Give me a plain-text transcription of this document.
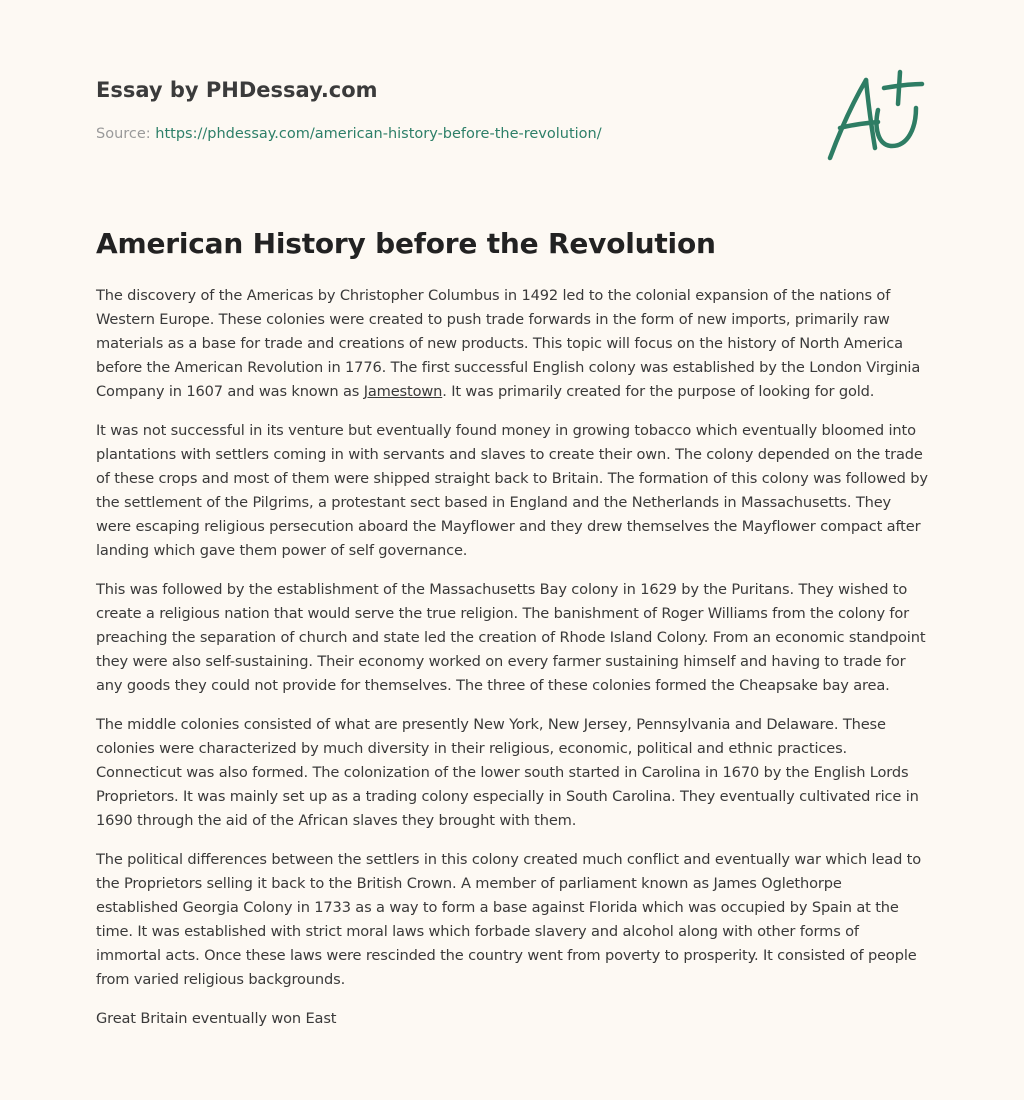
Essay by PHDessay.com
Source: https://phdessay.com/american-history-before-the-revolution/
American History before the Revolution

The discovery of the Americas by Christopher Columbus in 1492 led to the colonial expansion of the nations of Western Europe. These colonies were created to push trade forwards in the form of new imports, primarily raw materials as a base for trade and creations of new products. This topic will focus on the history of North America before the American Revolution in 1776. The first successful English colony was established by the London Virginia Company in 1607 and was known as Jamestown. It was primarily created for the purpose of looking for gold.

It was not successful in its venture but eventually found money in growing tobacco which eventually bloomed into plantations with settlers coming in with servants and slaves to create their own. The colony depended on the trade of these crops and most of them were shipped straight back to Britain. The formation of this colony was followed by the settlement of the Pilgrims, a protestant sect based in England and the Netherlands in Massachusetts. They were escaping religious persecution aboard the Mayflower and they drew themselves the Mayflower compact after landing which gave them power of self governance.

This was followed by the establishment of the Massachusetts Bay colony in 1629 by the Puritans. They wished to create a religious nation that would serve the true religion. The banishment of Roger Williams from the colony for preaching the separation of church and state led the creation of Rhode Island Colony. From an economic standpoint they were also self-sustaining. Their economy worked on every farmer sustaining himself and having to trade for any goods they could not provide for themselves. The three of these colonies formed the Cheapsake bay area.

The middle colonies consisted of what are presently New York, New Jersey, Pennsylvania and Delaware. These colonies were characterized by much diversity in their religious, economic, political and ethnic practices. Connecticut was also formed. The colonization of the lower south started in Carolina in 1670 by the English Lords Proprietors. It was mainly set up as a trading colony especially in South Carolina. They eventually cultivated rice in 1690 through the aid of the African slaves they brought with them.

The political differences between the settlers in this colony created much conflict and eventually war which lead to the Proprietors selling it back to the British Crown. A member of parliament known as James Oglethorpe established Georgia Colony in 1733 as a way to form a base against Florida which was occupied by Spain at the time. It was established with strict moral laws which forbade slavery and alcohol along with other forms of immortal acts. Once these laws were rescinded the country went from poverty to prosperity. It consisted of people from varied religious backgrounds.

Great Britain eventually won East
